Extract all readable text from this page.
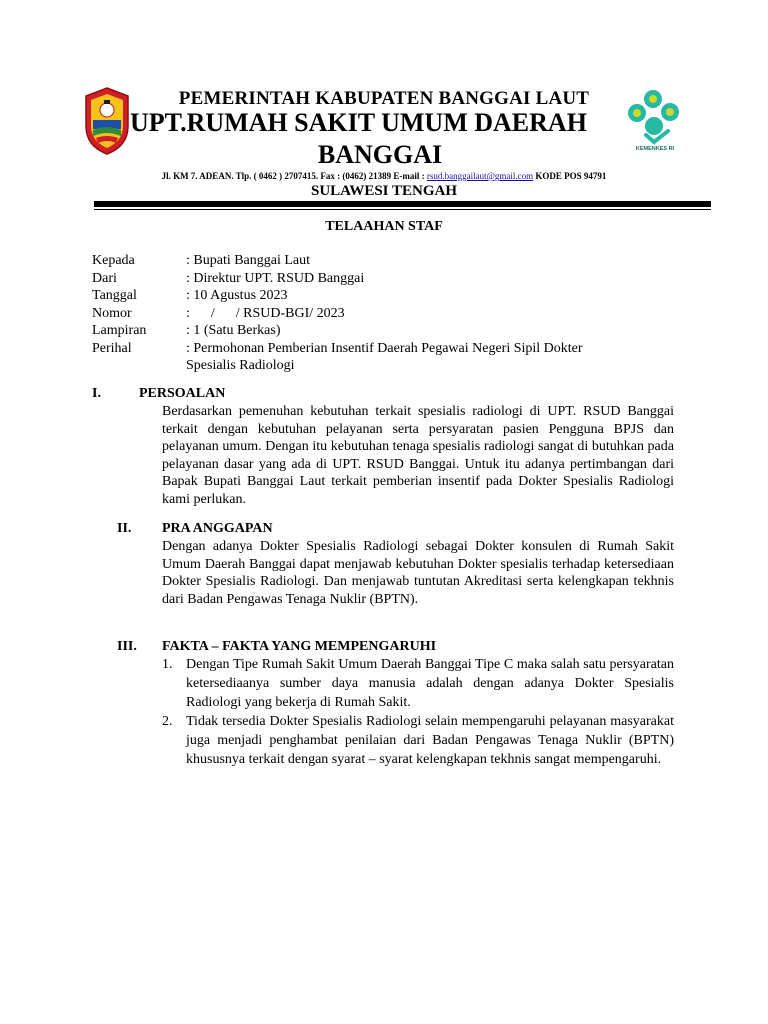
KEMENKES RI
PEMERINTAH KABUPATEN BANGGAI LAUT
UPT.RUMAH SAKIT UMUM DAERAH
BANGGAI
Jl. KM 7. ADEAN. Tlp. ( 0462 ) 2707415. Fax : (0462) 21389 E-mail : rsud.banggailaut@gmail.com KODE POS 94791
SULAWESI TENGAH
TELAAHAN STAF
Kepada	: Bupati Banggai Laut
Dari	: Direktur UPT. RSUD Banggai
Tanggal	: 10 Agustus 2023
Nomor	:      /      / RSUD-BGI/ 2023
Lampiran	: 1 (Satu Berkas)
Perihal	: Permohonan Pemberian Insentif Daerah Pegawai Negeri Sipil Dokter Spesialis Radiologi
I.	PERSOALAN
Berdasarkan pemenuhan kebutuhan terkait spesialis radiologi di UPT. RSUD Banggai terkait dengan kebutuhan pelayanan serta persyaratan pasien Pengguna BPJS dan pelayanan umum. Dengan itu kebutuhan tenaga spesialis radiologi sangat di butuhkan pada pelayanan dasar yang ada di UPT. RSUD Banggai. Untuk itu adanya pertimbangan dari Bapak Bupati Banggai Laut terkait pemberian insentif pada Dokter Spesialis Radiologi kami perlukan.
II. PRA ANGGAPAN
Dengan adanya Dokter Spesialis Radiologi sebagai Dokter konsulen di Rumah Sakit Umum Daerah Banggai dapat menjawab kebutuhan Dokter spesialis terhadap ketersediaan Dokter Spesialis Radiologi. Dan menjawab tuntutan Akreditasi serta kelengkapan tekhnis dari Badan Pengawas Tenaga Nuklir (BPTN).
III. FAKTA – FAKTA YANG MEMPENGARUHI
1. Dengan Tipe Rumah Sakit Umum Daerah Banggai Tipe C maka salah satu persyaratan ketersediaanya sumber daya manusia adalah dengan adanya Dokter Spesialis Radiologi yang bekerja di Rumah Sakit.
2. Tidak tersedia Dokter Spesialis Radiologi selain mempengaruhi pelayanan masyarakat juga menjadi penghambat penilaian dari Badan Pengawas Tenaga Nuklir (BPTN) khususnya terkait dengan syarat – syarat kelengkapan tekhnis sangat mempengaruhi.
